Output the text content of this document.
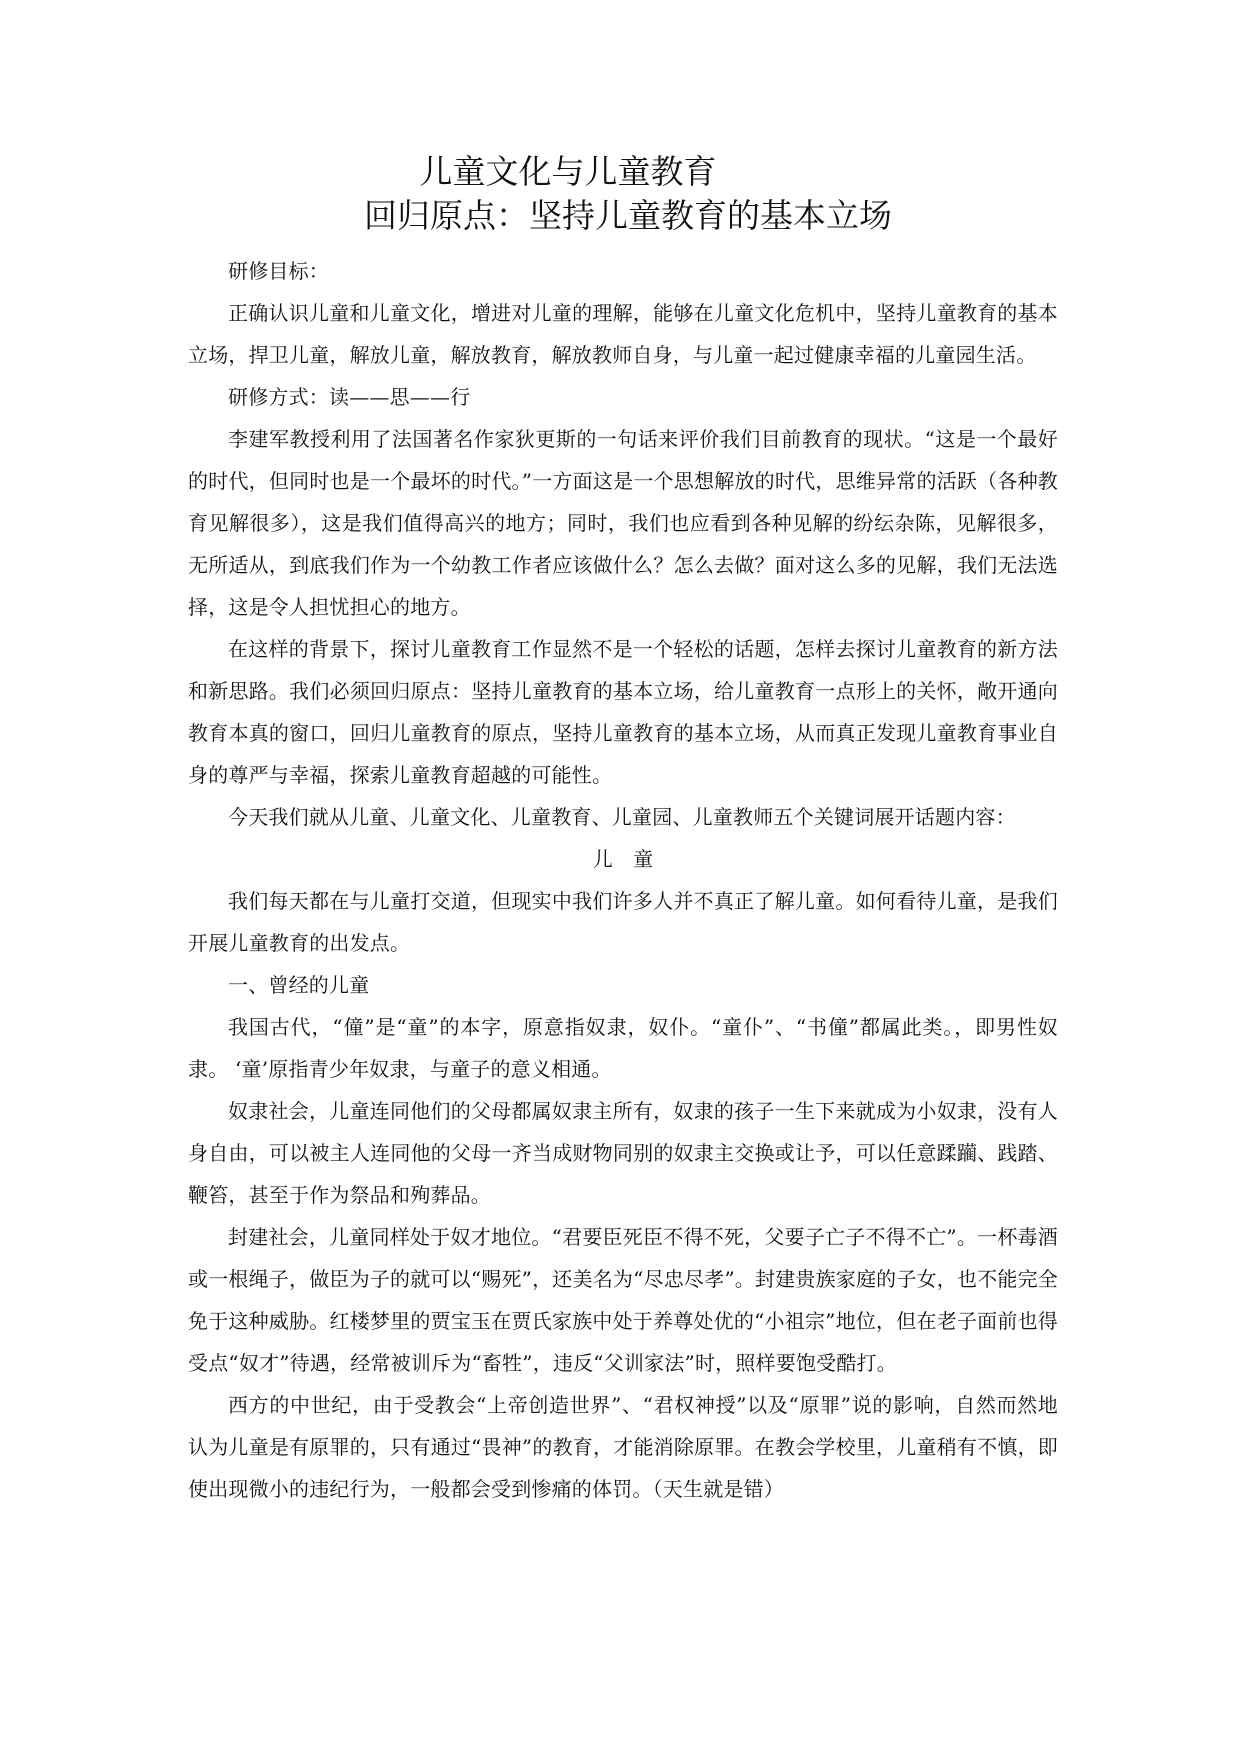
儿童文化与儿童教育
回归原点：坚持儿童教育的基本立场

研修目标：

正确认识儿童和儿童文化，增进对儿童的理解，能够在儿童文化危机中，坚持儿童教育的基本立场，捍卫儿童，解放儿童，解放教育，解放教师自身，与儿童一起过健康幸福的儿童园生活。

研修方式：读——思——行

李建军教授利用了法国著名作家狄更斯的一句话来评价我们目前教育的现状。“这是一个最好的时代，但同时也是一个最坏的时代。”一方面这是一个思想解放的时代，思维异常的活跃（各种教育见解很多），这是我们值得高兴的地方；同时，我们也应看到各种见解的纷纭杂陈，见解很多，无所适从，到底我们作为一个幼教工作者应该做什么？怎么去做？面对这么多的见解，我们无法选择，这是令人担忧担心的地方。

在这样的背景下，探讨儿童教育工作显然不是一个轻松的话题，怎样去探讨儿童教育的新方法和新思路。我们必须回归原点：坚持儿童教育的基本立场，给儿童教育一点形上的关怀，敞开通向教育本真的窗口，回归儿童教育的原点，坚持儿童教育的基本立场，从而真正发现儿童教育事业自身的尊严与幸福，探索儿童教育超越的可能性。

今天我们就从儿童、儿童文化、儿童教育、儿童园、儿童教师五个关键词展开话题内容：

儿　童

我们每天都在与儿童打交道，但现实中我们许多人并不真正了解儿童。如何看待儿童，是我们开展儿童教育的出发点。

一、曾经的儿童

我国古代，“僮”是“童”的本字，原意指奴隶，奴仆。“童仆”、“书僮”都属此类。，即男性奴隶。 ‘童’原指青少年奴隶，与童子的意义相通。

奴隶社会，儿童连同他们的父母都属奴隶主所有，奴隶的孩子一生下来就成为小奴隶，没有人身自由，可以被主人连同他的父母一齐当成财物同别的奴隶主交换或让予，可以任意蹂躏、践踏、鞭笞，甚至于作为祭品和殉葬品。

封建社会，儿童同样处于奴才地位。“君要臣死臣不得不死，父要子亡子不得不亡”。一杯毒酒或一根绳子，做臣为子的就可以“赐死”，还美名为“尽忠尽孝”。封建贵族家庭的子女，也不能完全免于这种威胁。红楼梦里的贾宝玉在贾氏家族中处于养尊处优的“小祖宗”地位，但在老子面前也得受点“奴才”待遇，经常被训斥为“畜牲”，违反“父训家法”时，照样要饱受酷打。

西方的中世纪，由于受教会“上帝创造世界”、“君权神授”以及“原罪”说的影响，自然而然地认为儿童是有原罪的，只有通过“畏神”的教育，才能消除原罪。在教会学校里，儿童稍有不慎，即使出现微小的违纪行为，一般都会受到惨痛的体罚。（天生就是错）
